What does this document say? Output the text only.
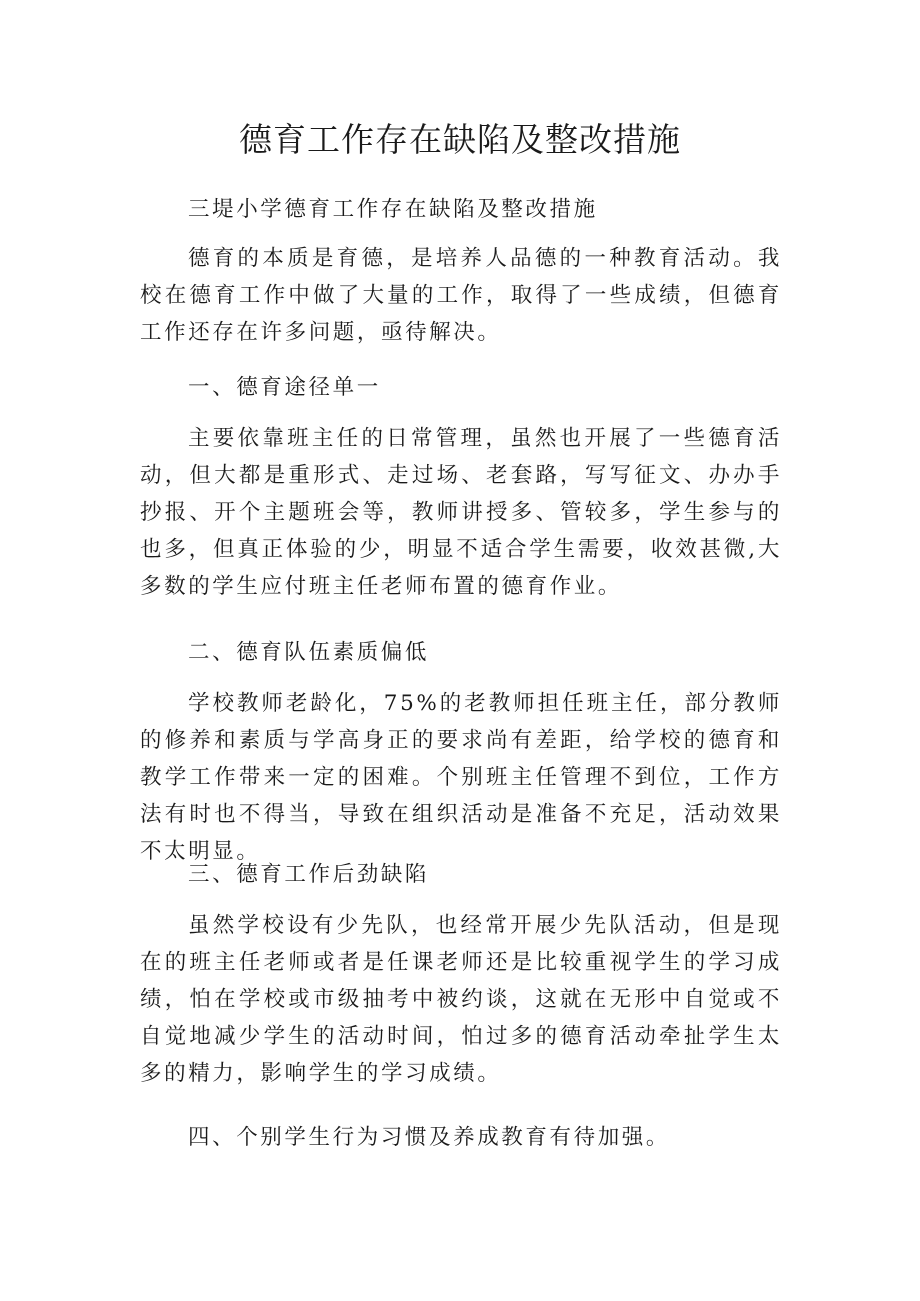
德育工作存在缺陷及整改措施

三堤小学德育工作存在缺陷及整改措施

德育的本质是育德，是培养人品德的一种教育活动。我校在德育工作中做了大量的工作，取得了一些成绩，但德育工作还存在许多问题，亟待解决。

一、德育途径单一

主要依靠班主任的日常管理，虽然也开展了一些德育活动，但大都是重形式、走过场、老套路，写写征文、办办手抄报、开个主题班会等，教师讲授多、管较多，学生参与的也多，但真正体验的少，明显不适合学生需要，收效甚微,大多数的学生应付班主任老师布置的德育作业。

二、德育队伍素质偏低

学校教师老龄化，75%的老教师担任班主任，部分教师的修养和素质与学高身正的要求尚有差距，给学校的德育和教学工作带来一定的困难。个别班主任管理不到位，工作方法有时也不得当，导致在组织活动是准备不充足，活动效果不太明显。

三、德育工作后劲缺陷

虽然学校设有少先队，也经常开展少先队活动，但是现在的班主任老师或者是任课老师还是比较重视学生的学习成绩，怕在学校或市级抽考中被约谈，这就在无形中自觉或不自觉地减少学生的活动时间，怕过多的德育活动牵扯学生太多的精力，影响学生的学习成绩。

四、个别学生行为习惯及养成教育有待加强。
